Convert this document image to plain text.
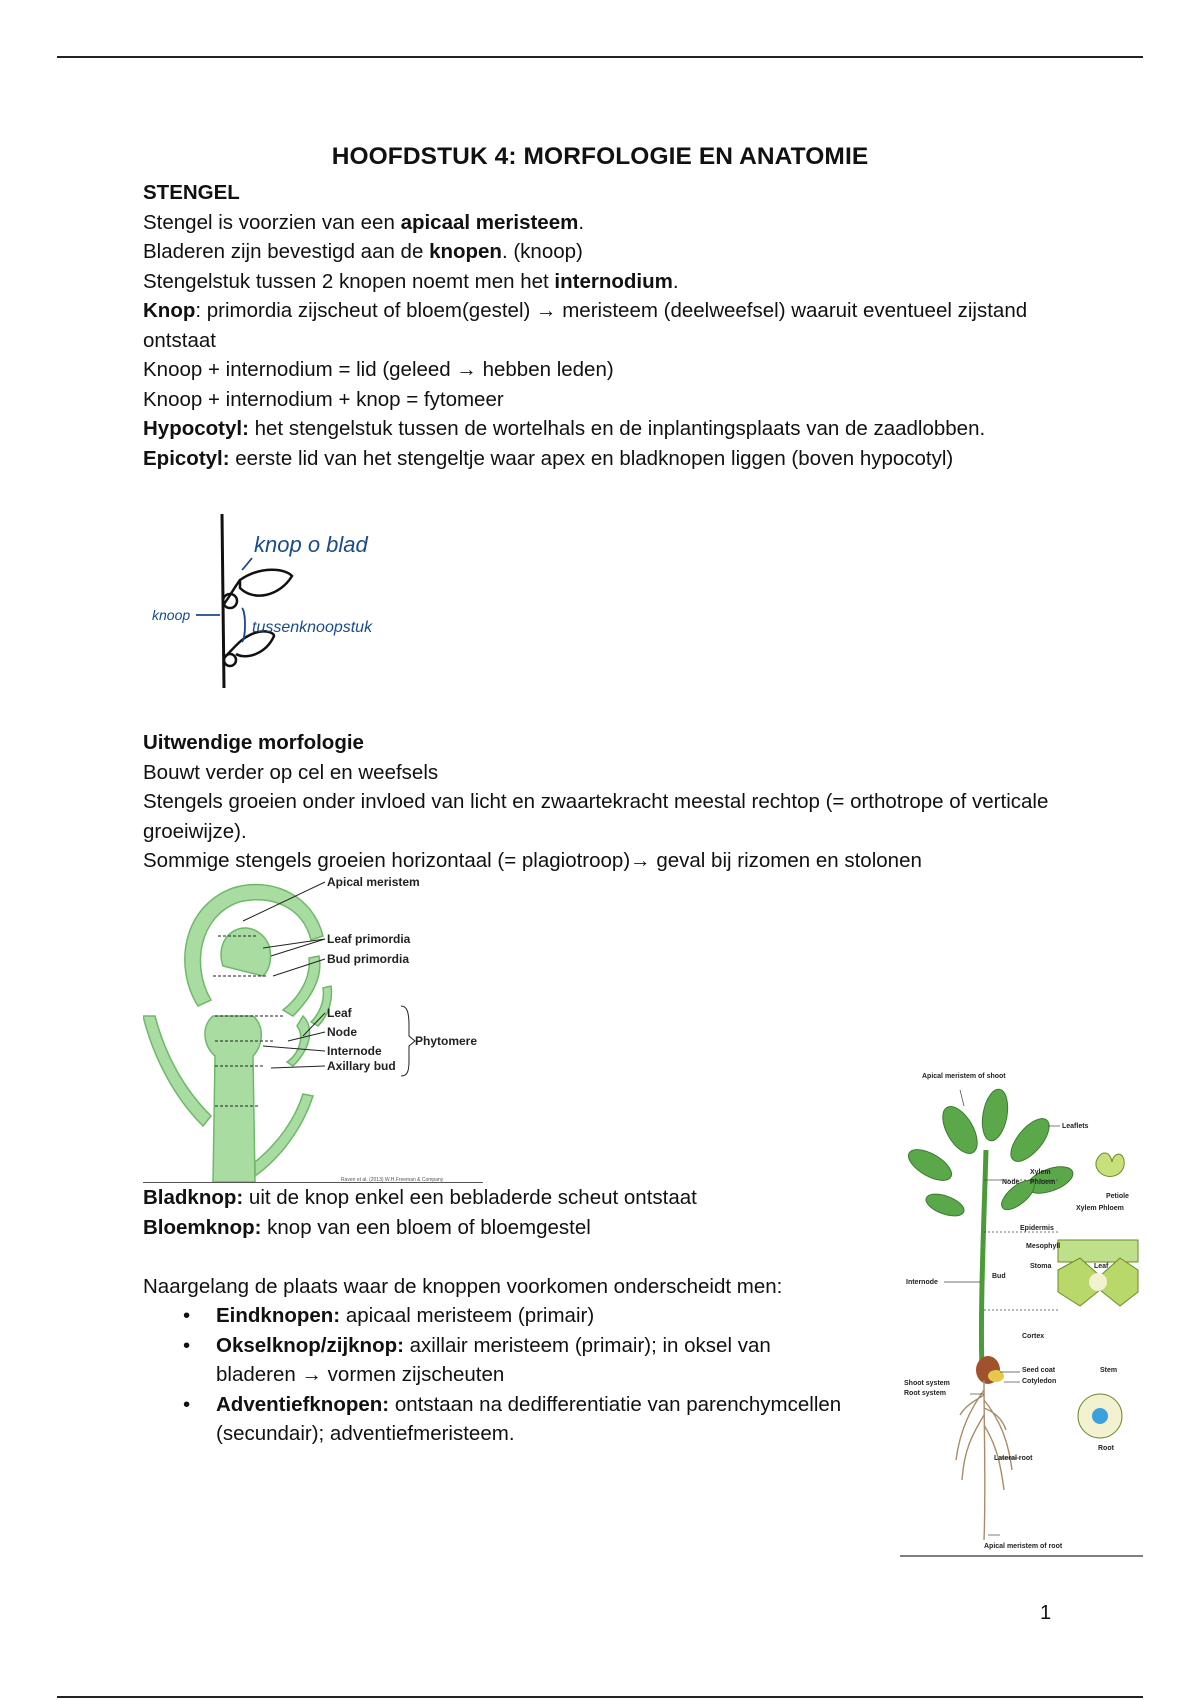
HOOFDSTUK 4: MORFOLOGIE EN ANATOMIE

STENGEL

Stengel is voorzien van een apicaal meristeem.

Bladeren zijn bevestigd aan de knopen. (knoop)

Stengelstuk tussen 2 knopen noemt men het internodium.

Knop: primordia zijscheut of bloem(gestel) → meristeem (deelweefsel) waaruit eventueel zijstand ontstaat

Knoop + internodium = lid (geleed → hebben leden)

Knoop + internodium + knop = fytomeer

Hypocotyl: het stengelstuk tussen de wortelhals en de inplantingsplaats van de zaadlobben.

Epicotyl: eerste lid van het stengeltje waar apex en bladknopen liggen (boven hypocotyl)

knop o blad
knoop
tussenknoopstuk

Uitwendige morfologie

Bouwt verder op cel en weefsels

Stengels groeien onder invloed van licht en zwaartekracht meestal rechtop (= orthotrope of verticale groeiwijze).

Sommige stengels groeien horizontaal (= plagiotroop)→ geval bij rizomen en stolonen

Apical meristem
Leaf primordia
Bud primordia
Leaf
Node
Internode
Axillary bud
Phytomere
Raven et al. (2013) W.H.Freeman & Company

Bladknop: uit de knop enkel een bebladerde scheut ontstaat

Bloemknop: knop van een bloem of bloemgestel

Naargelang de plaats waar de knoppen voorkomen onderscheidt men:

• Eindknopen: apicaal meristeem (primair)
• Okselknop/zijknop: axillair meristeem (primair); in oksel van bladeren → vormen zijscheuten
• Adventiefknopen: ontstaan na dedifferentiatie van parenchymcellen (secundair); adventiefmeristeem.
Apical meristem of shoot
Leaflets
Xylem
Node Phloem
Petiole
Xylem Phloem
Epidermis
Mesophyll
Stoma	Leaf
Internode
Bud
Cortex
Stem
Seed coat
Cotyledon
Shoot system
Root system
Root
Lateral root
Apical meristem of root
1
